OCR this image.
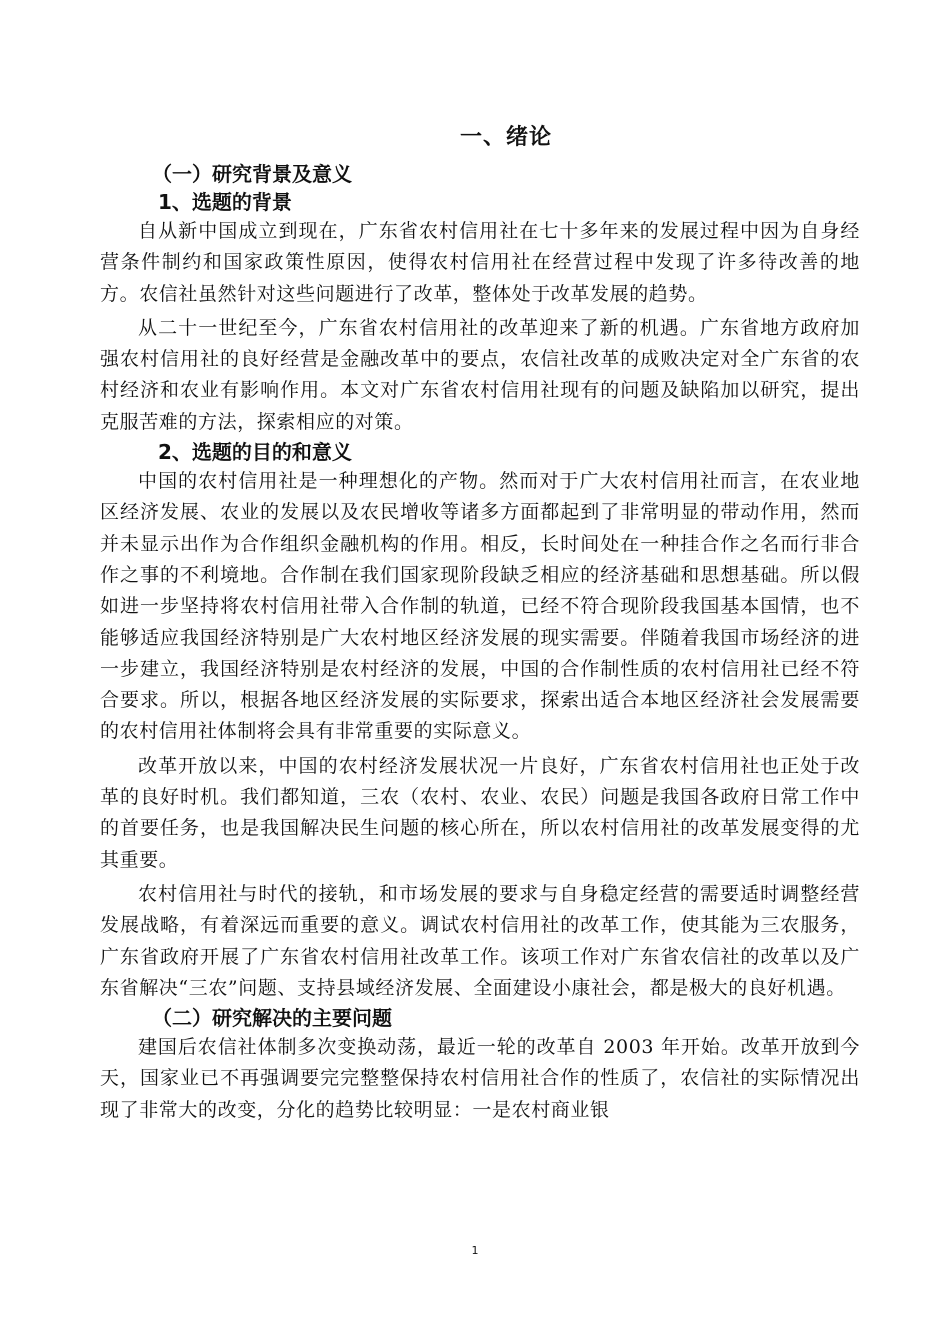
一、绪论
（一）研究背景及意义
1、选题的背景

自从新中国成立到现在，广东省农村信用社在七十多年来的发展过程中因为自身经营条件制约和国家政策性原因，使得农村信用社在经营过程中发现了许多待改善的地方。农信社虽然针对这些问题进行了改革，整体处于改革发展的趋势。

从二十一世纪至今，广东省农村信用社的改革迎来了新的机遇。广东省地方政府加强农村信用社的良好经营是金融改革中的要点，农信社改革的成败决定对全广东省的农村经济和农业有影响作用。本文对广东省农村信用社现有的问题及缺陷加以研究，提出克服苦难的方法，探索相应的对策。

2、选题的目的和意义

中国的农村信用社是一种理想化的产物。然而对于广大农村信用社而言，在农业地区经济发展、农业的发展以及农民增收等诸多方面都起到了非常明显的带动作用，然而并未显示出作为合作组织金融机构的作用。相反，长时间处在一种挂合作之名而行非合作之事的不利境地。合作制在我们国家现阶段缺乏相应的经济基础和思想基础。所以假如进一步坚持将农村信用社带入合作制的轨道，已经不符合现阶段我国基本国情，也不能够适应我国经济特别是广大农村地区经济发展的现实需要。伴随着我国市场经济的进一步建立，我国经济特别是农村经济的发展，中国的合作制性质的农村信用社已经不符合要求。所以，根据各地区经济发展的实际要求，探索出适合本地区经济社会发展需要的农村信用社体制将会具有非常重要的实际意义。

改革开放以来，中国的农村经济发展状况一片良好，广东省农村信用社也正处于改革的良好时机。我们都知道，三农（农村、农业、农民）问题是我国各政府日常工作中的首要任务，也是我国解决民生问题的核心所在，所以农村信用社的改革发展变得的尤其重要。

农村信用社与时代的接轨，和市场发展的要求与自身稳定经营的需要适时调整经营发展战略，有着深远而重要的意义。调试农村信用社的改革工作，使其能为三农服务，广东省政府开展了广东省农村信用社改革工作。该项工作对广东省农信社的改革以及广东省解决“三农”问题、支持县域经济发展、全面建设小康社会，都是极大的良好机遇。

（二）研究解决的主要问题

建国后农信社体制多次变换动荡，最近一轮的改革自 2003 年开始。改革开放到今天，国家业已不再强调要完完整整保持农村信用社合作的性质了，农信社的实际情况出现了非常大的改变，分化的趋势比较明显：一是农村商业银

1
